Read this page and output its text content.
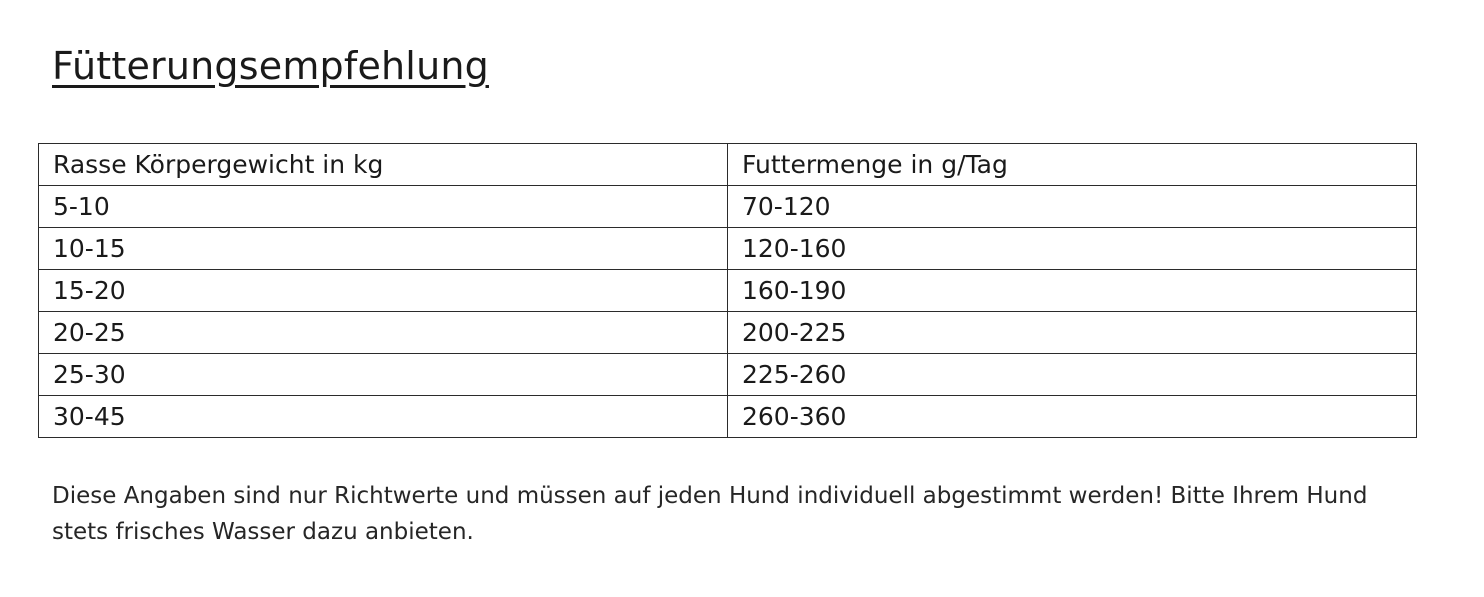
Fütterungsempfehlung
Rasse Körpergewicht in kg	Futtermenge in g/Tag
5-10	70-120
10-15	120-160
15-20	160-190
20-25	200-225
25-30	225-260
30-45	260-360
Diese Angaben sind nur Richtwerte und müssen auf jeden Hund individuell abgestimmt werden! Bitte Ihrem Hund stets frisches Wasser dazu anbieten.
